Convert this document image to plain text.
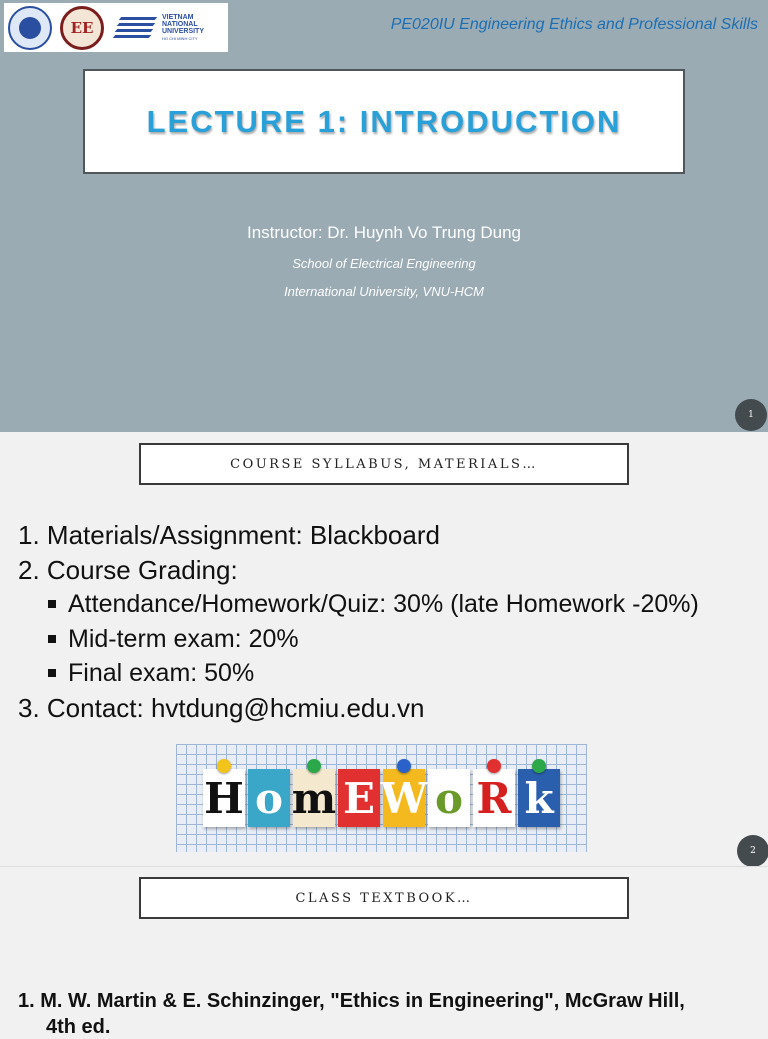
EE
VIETNAM
NATIONAL
UNIVERSITY
HO CHI MINH CITY
PE020IU Engineering Ethics and Professional Skills
LECTURE 1: INTRODUCTION
Instructor: Dr. Huynh Vo Trung Dung
School of Electrical Engineering
International University, VNU-HCM
1
COURSE SYLLABUS, MATERIALS…
1. Materials/Assignment: Blackboard
2. Course Grading:
Attendance/Homework/Quiz: 30% (late Homework -20%)
Mid-term exam: 20%
Final exam: 50%
3. Contact: hvtdung@hcmiu.edu.vn
H o m E W o R k
2
CLASS TEXTBOOK…
1. M. W. Martin & E. Schinzinger, "Ethics in Engineering", McGraw Hill,
4th ed.
